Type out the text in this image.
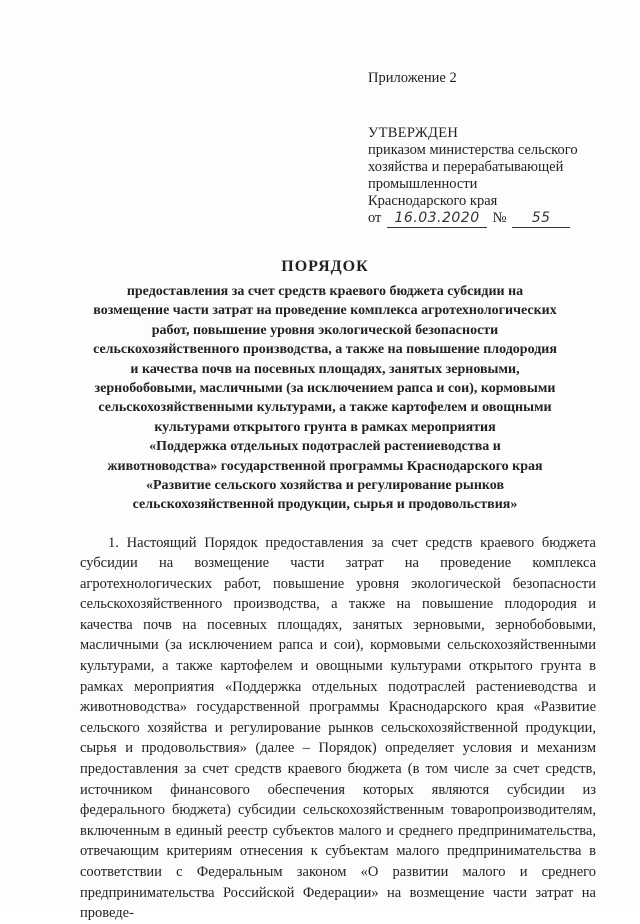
Приложение 2
УТВЕРЖДЕН
приказом министерства сельского
хозяйства и перерабатывающей
промышленности
Краснодарского края
от 16.03.2020 № 55
ПОРЯДОК
предоставления за счет средств краевого бюджета субсидии на
возмещение части затрат на проведение комплекса агротехнологических
работ, повышение уровня экологической безопасности
сельскохозяйственного производства, а также на повышение плодородия
и качества почв на посевных площадях, занятых зерновыми,
зернобобовыми, масличными (за исключением рапса и сои), кормовыми
сельскохозяйственными культурами, а также картофелем и овощными
культурами открытого грунта в рамках мероприятия
«Поддержка отдельных подотраслей растениеводства и
животноводства» государственной программы Краснодарского края
«Развитие сельского хозяйства и регулирование рынков
сельскохозяйственной продукции, сырья и продовольствия»

1. Настоящий Порядок предоставления за счет средств краевого бюджета субсидии на возмещение части затрат на проведение комплекса агротехнологических работ, повышение уровня экологической безопасности сельскохозяйственного производства, а также на повышение плодородия и качества почв на посевных площадях, занятых зерновыми, зернобобовыми, масличными (за исключением рапса и сои), кормовыми сельскохозяйственными культурами, а также картофелем и овощными культурами открытого грунта в рамках мероприятия «Поддержка отдельных подотраслей растениеводства и животноводства» государственной программы Краснодарского края «Развитие сельского хозяйства и регулирование рынков сельскохозяйственной продукции, сырья и продовольствия» (далее – Порядок) определяет условия и механизм предоставления за счет средств краевого бюджета (в том числе за счет средств, источником финансового обеспечения которых являются субсидии из федерального бюджета) субсидии сельскохозяйственным товаропроизводителям, включенным в единый реестр субъектов малого и среднего предпринимательства, отвечающим критериям отнесения к субъектам малого предпринимательства в соответствии с Федеральным законом «О развитии малого и среднего предпринимательства Российской Федерации» на возмещение части затрат на проведе-
